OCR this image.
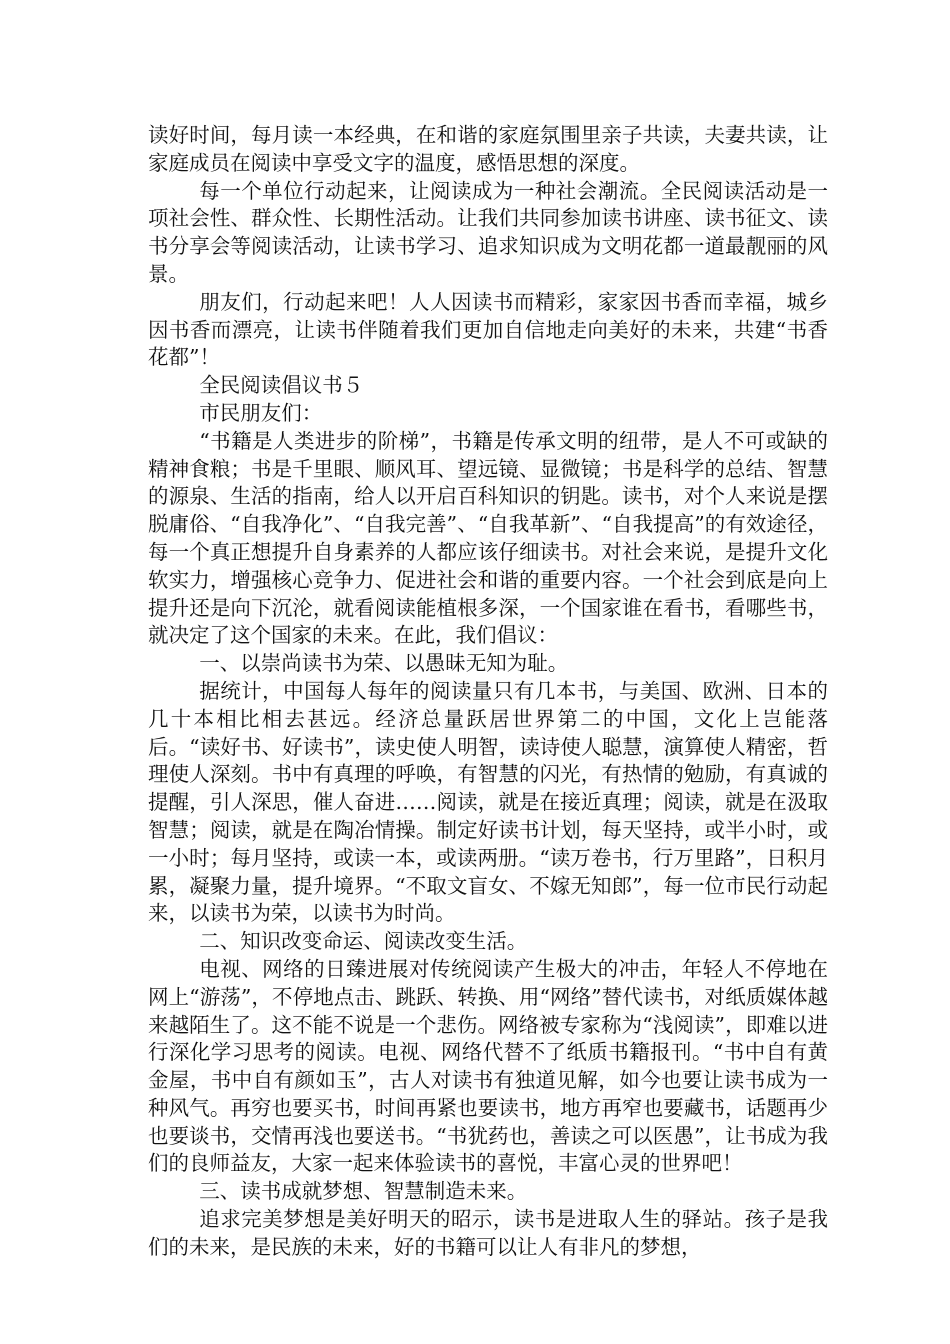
读好时间，每月读一本经典，在和谐的家庭氛围里亲子共读，夫妻共读，让家庭成员在阅读中享受文字的温度，感悟思想的深度。

每一个单位行动起来，让阅读成为一种社会潮流。全民阅读活动是一项社会性、群众性、长期性活动。让我们共同参加读书讲座、读书征文、读书分享会等阅读活动，让读书学习、追求知识成为文明花都一道最靓丽的风景。

朋友们，行动起来吧！人人因读书而精彩，家家因书香而幸福，城乡因书香而漂亮，让读书伴随着我们更加自信地走向美好的未来，共建“书香花都”！

全民阅读倡议书５

市民朋友们：

“书籍是人类进步的阶梯”，书籍是传承文明的纽带，是人不可或缺的精神食粮；书是千里眼、顺风耳、望远镜、显微镜；书是科学的总结、智慧的源泉、生活的指南，给人以开启百科知识的钥匙。读书，对个人来说是摆脱庸俗、“自我净化”、“自我完善”、“自我革新”、“自我提高”的有效途径，每一个真正想提升自身素养的人都应该仔细读书。对社会来说，是提升文化软实力，增强核心竞争力、促进社会和谐的重要内容。一个社会到底是向上提升还是向下沉沦，就看阅读能植根多深，一个国家谁在看书，看哪些书，就决定了这个国家的未来。在此，我们倡议：

一、以崇尚读书为荣、以愚昧无知为耻。

据统计，中国每人每年的阅读量只有几本书，与美国、欧洲、日本的几十本相比相去甚远。经济总量跃居世界第二的中国，文化上岂能落后。“读好书、好读书”，读史使人明智，读诗使人聪慧，演算使人精密，哲理使人深刻。书中有真理的呼唤，有智慧的闪光，有热情的勉励，有真诚的提醒，引人深思，催人奋进……阅读，就是在接近真理；阅读，就是在汲取智慧；阅读，就是在陶冶情操。制定好读书计划，每天坚持，或半小时，或一小时；每月坚持，或读一本，或读两册。“读万卷书，行万里路”，日积月累，凝聚力量，提升境界。“不取文盲女、不嫁无知郎”，每一位市民行动起来，以读书为荣，以读书为时尚。

二、知识改变命运、阅读改变生活。

电视、网络的日臻进展对传统阅读产生极大的冲击，年轻人不停地在网上“游荡”，不停地点击、跳跃、转换、用“网络”替代读书，对纸质媒体越来越陌生了。这不能不说是一个悲伤。网络被专家称为“浅阅读”，即难以进行深化学习思考的阅读。电视、网络代替不了纸质书籍报刊。“书中自有黄金屋，书中自有颜如玉”，古人对读书有独道见解，如今也要让读书成为一种风气。再穷也要买书，时间再紧也要读书，地方再窄也要藏书，话题再少也要谈书，交情再浅也要送书。“书犹药也，善读之可以医愚”，让书成为我们的良师益友，大家一起来体验读书的喜悦，丰富心灵的世界吧！

三、读书成就梦想、智慧制造未来。

追求完美梦想是美好明天的昭示，读书是进取人生的驿站。孩子是我们的未来，是民族的未来，好的书籍可以让人有非凡的梦想，
